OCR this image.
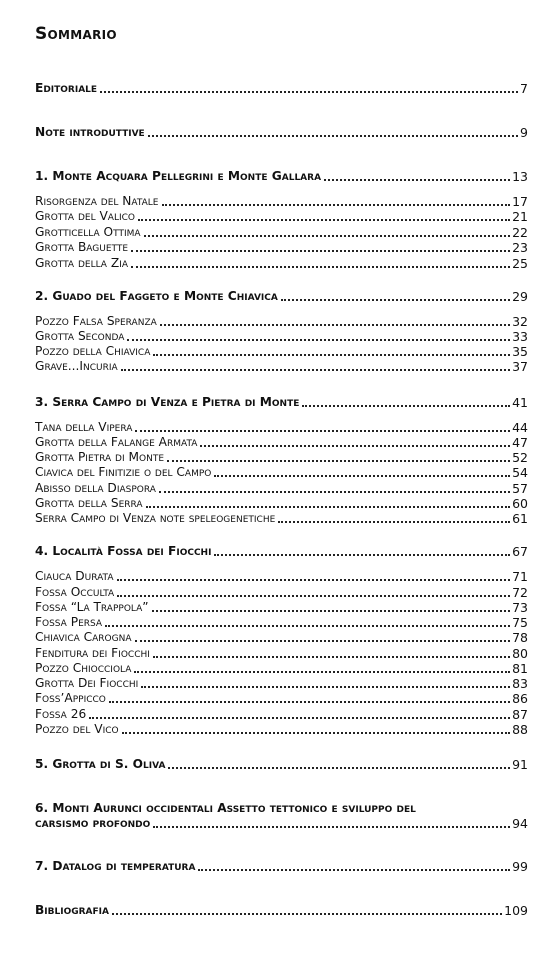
Sommario
Editoriale	7
Note introduttive	9
1. Monte Acquara Pellegrini e Monte Gallara	13
Risorgenza del Natale	17
Grotta del Valico	21
Grotticella Ottima	22
Grotta Baguette	23
Grotta della Zia	25
2. Guado del Faggeto e Monte Chiavica	29
Pozzo Falsa Speranza	32
Grotta Seconda	33
Pozzo della Chiavica	35
Grave...Incuria	37
3. Serra Campo di Venza e Pietra di Monte	41
Tana della Vipera	44
Grotta della Falange Armata	47
Grotta Pietra di Monte	52
Ciavica del Finitizie o del Campo	54
Abisso della Diaspora	57
Grotta della Serra	60
Serra Campo di Venza note speleogenetiche	61
4. Località Fossa dei Fiocchi	67
Ciauca Durata	71
Fossa Occulta	72
Fossa “La Trappola”	73
Fossa Persa	75
Chiavica Carogna	78
Fenditura dei Fiocchi	80
Pozzo Chiocciola	81
Grotta Dei Fiocchi	83
Foss’Appicco	86
Fossa 26	87
Pozzo del Vico	88
5. Grotta di S. Oliva	91
6. Monti Aurunci occidentali Assetto tettonico e sviluppo del
carsismo profondo	94
7. Datalog di temperatura	99
Bibliografia	109
